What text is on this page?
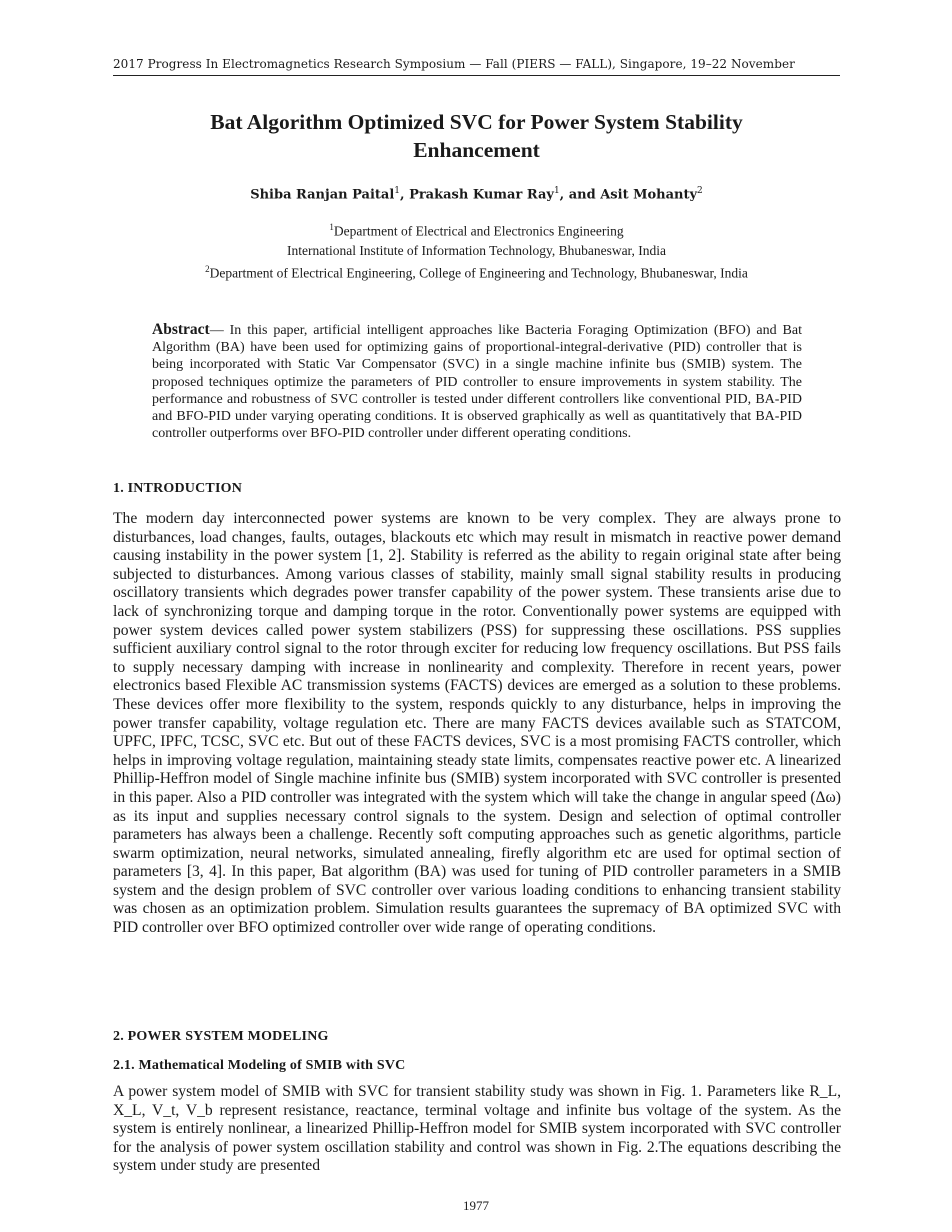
2017 Progress In Electromagnetics Research Symposium — Fall (PIERS — FALL), Singapore, 19–22 November
Bat Algorithm Optimized SVC for Power System Stability
Enhancement
Shiba Ranjan Paital$^1$, Prakash Kumar Ray$^1$, and Asit Mohanty$^2$
$^1$Department of Electrical and Electronics Engineering
International Institute of Information Technology, Bhubaneswar, India
$^2$Department of Electrical Engineering, College of Engineering and Technology, Bhubaneswar, India
Abstract— In this paper, artificial intelligent approaches like Bacteria Foraging Optimization (BFO) and Bat Algorithm (BA) have been used for optimizing gains of proportional-integral-derivative (PID) controller that is being incorporated with Static Var Compensator (SVC) in a single machine infinite bus (SMIB) system. The proposed techniques optimize the parameters of PID controller to ensure improvements in system stability. The performance and robustness of SVC controller is tested under different controllers like conventional PID, BA-PID and BFO-PID under varying operating conditions. It is observed graphically as well as quantitatively that BA-PID controller outperforms over BFO-PID controller under different operating conditions.
1. INTRODUCTION
The modern day interconnected power systems are known to be very complex. They are always prone to disturbances, load changes, faults, outages, blackouts etc which may result in mismatch in reactive power demand causing instability in the power system [1, 2]. Stability is referred as the ability to regain original state after being subjected to disturbances. Among various classes of stability, mainly small signal stability results in producing oscillatory transients which degrades power transfer capability of the power system. These transients arise due to lack of synchronizing torque and damping torque in the rotor. Conventionally power systems are equipped with power system devices called power system stabilizers (PSS) for suppressing these oscillations. PSS supplies sufficient auxiliary control signal to the rotor through exciter for reducing low frequency oscillations. But PSS fails to supply necessary damping with increase in nonlinearity and complexity. Therefore in recent years, power electronics based Flexible AC transmission systems (FACTS) devices are emerged as a solution to these problems. These devices offer more flexibility to the system, responds quickly to any disturbance, helps in improving the power transfer capability, voltage regulation etc. There are many FACTS devices available such as STATCOM, UPFC, IPFC, TCSC, SVC etc. But out of these FACTS devices, SVC is a most promising FACTS controller, which helps in improving voltage regulation, maintaining steady state limits, compensates reactive power etc. A linearized Phillip-Heffron model of Single machine infinite bus (SMIB) system incorporated with SVC controller is presented in this paper. Also a PID controller was integrated with the system which will take the change in angular speed (Δω) as its input and supplies necessary control signals to the system. Design and selection of optimal controller parameters has always been a challenge. Recently soft computing approaches such as genetic algorithms, particle swarm optimization, neural networks, simulated annealing, firefly algorithm etc are used for optimal section of parameters [3, 4]. In this paper, Bat algorithm (BA) was used for tuning of PID controller parameters in a SMIB system and the design problem of SVC controller over various loading conditions to enhancing transient stability was chosen as an optimization problem. Simulation results guarantees the supremacy of BA optimized SVC with PID controller over BFO optimized controller over wide range of operating conditions.
2. POWER SYSTEM MODELING
2.1. Mathematical Modeling of SMIB with SVC
A power system model of SMIB with SVC for transient stability study was shown in Fig. 1. Parameters like R_L, X_L, V_t, V_b represent resistance, reactance, terminal voltage and infinite bus voltage of the system. As the system is entirely nonlinear, a linearized Phillip-Heffron model for SMIB system incorporated with SVC controller for the analysis of power system oscillation stability and control was shown in Fig. 2.The equations describing the system under study are presented
1977
